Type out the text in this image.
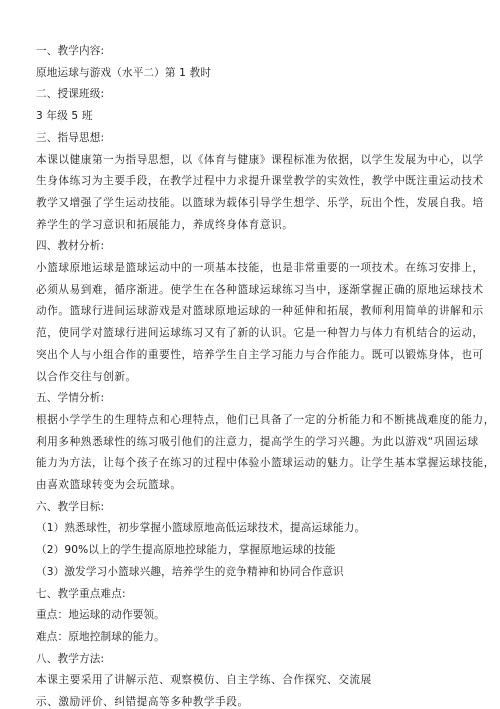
一、教学内容:
原地运球与游戏（水平二）第 1 教时
二、授课班级:
3 年级 5 班
三、指导思想:
本课以健康第一为指导思想，以《体育与健康》课程标准为依据，以学生发展为中心，以学
生身体练习为主要手段，在教学过程中力求提升课堂教学的实效性，教学中既注重运动技术
教学又增强了学生运动技能。以篮球为载体引导学生想学、乐学，玩出个性，发展自我。培
养学生的学习意识和拓展能力，养成终身体育意识。
四、教材分析:
小篮球原地运球是篮球运动中的一项基本技能，也是非常重要的一项技术。在练习安排上，
必须从易到难，循序渐进。使学生在各种篮球运球练习当中，逐渐掌握正确的原地运球技术
动作。篮球行进间运球游戏是对篮球原地运球的一种延伸和拓展，教师利用简单的讲解和示
范，使同学对篮球行进间运球练习又有了新的认识。它是一种智力与体力有机结合的运动，
突出个人与小组合作的重要性，培养学生自主学习能力与合作能力。既可以锻炼身体，也可
以合作交往与创新。
五、学情分析:
根据小学学生的生理特点和心理特点，他们已具备了一定的分析能力和不断挑战难度的能力，
利用多种熟悉球性的练习吸引他们的注意力，提高学生的学习兴趣。为此以游戏“巩固运球
能力为方法，让每个孩子在练习的过程中体验小篮球运动的魅力。让学生基本掌握运球技能，
由喜欢篮球转变为会玩篮球。
六、教学目标:
（1）熟悉球性，初步掌握小篮球原地高低运球技术，提高运球能力。
（2）90%以上的学生提高原地控球能力，掌握原地运球的技能
（3）激发学习小篮球兴趣，培养学生的竞争精神和协同合作意识
七、教学重点难点:
重点：地运球的动作要领。
难点：原地控制球的能力。
八、教学方法:
本课主要采用了讲解示范、观察模仿、自主学练、合作探究、交流展
示、激励评价、纠错提高等多种教学手段。
